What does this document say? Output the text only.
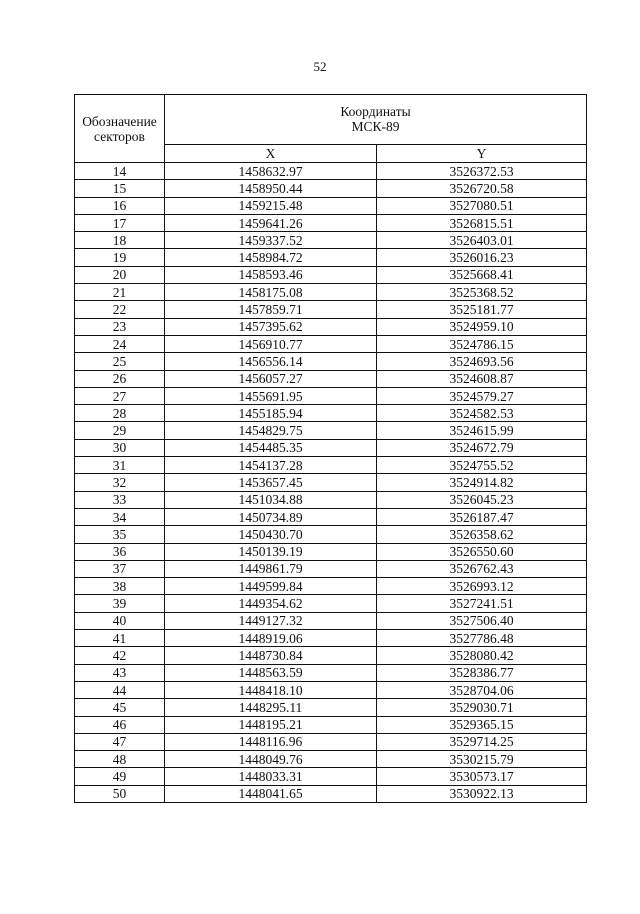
52
Обозначение
секторов	Координаты
МСК-89	
	X	Y
14	1458632.97	3526372.53
15	1458950.44	3526720.58
16	1459215.48	3527080.51
17	1459641.26	3526815.51
18	1459337.52	3526403.01
19	1458984.72	3526016.23
20	1458593.46	3525668.41
21	1458175.08	3525368.52
22	1457859.71	3525181.77
23	1457395.62	3524959.10
24	1456910.77	3524786.15
25	1456556.14	3524693.56
26	1456057.27	3524608.87
27	1455691.95	3524579.27
28	1455185.94	3524582.53
29	1454829.75	3524615.99
30	1454485.35	3524672.79
31	1454137.28	3524755.52
32	1453657.45	3524914.82
33	1451034.88	3526045.23
34	1450734.89	3526187.47
35	1450430.70	3526358.62
36	1450139.19	3526550.60
37	1449861.79	3526762.43
38	1449599.84	3526993.12
39	1449354.62	3527241.51
40	1449127.32	3527506.40
41	1448919.06	3527786.48
42	1448730.84	3528080.42
43	1448563.59	3528386.77
44	1448418.10	3528704.06
45	1448295.11	3529030.71
46	1448195.21	3529365.15
47	1448116.96	3529714.25
48	1448049.76	3530215.79
49	1448033.31	3530573.17
50	1448041.65	3530922.13
